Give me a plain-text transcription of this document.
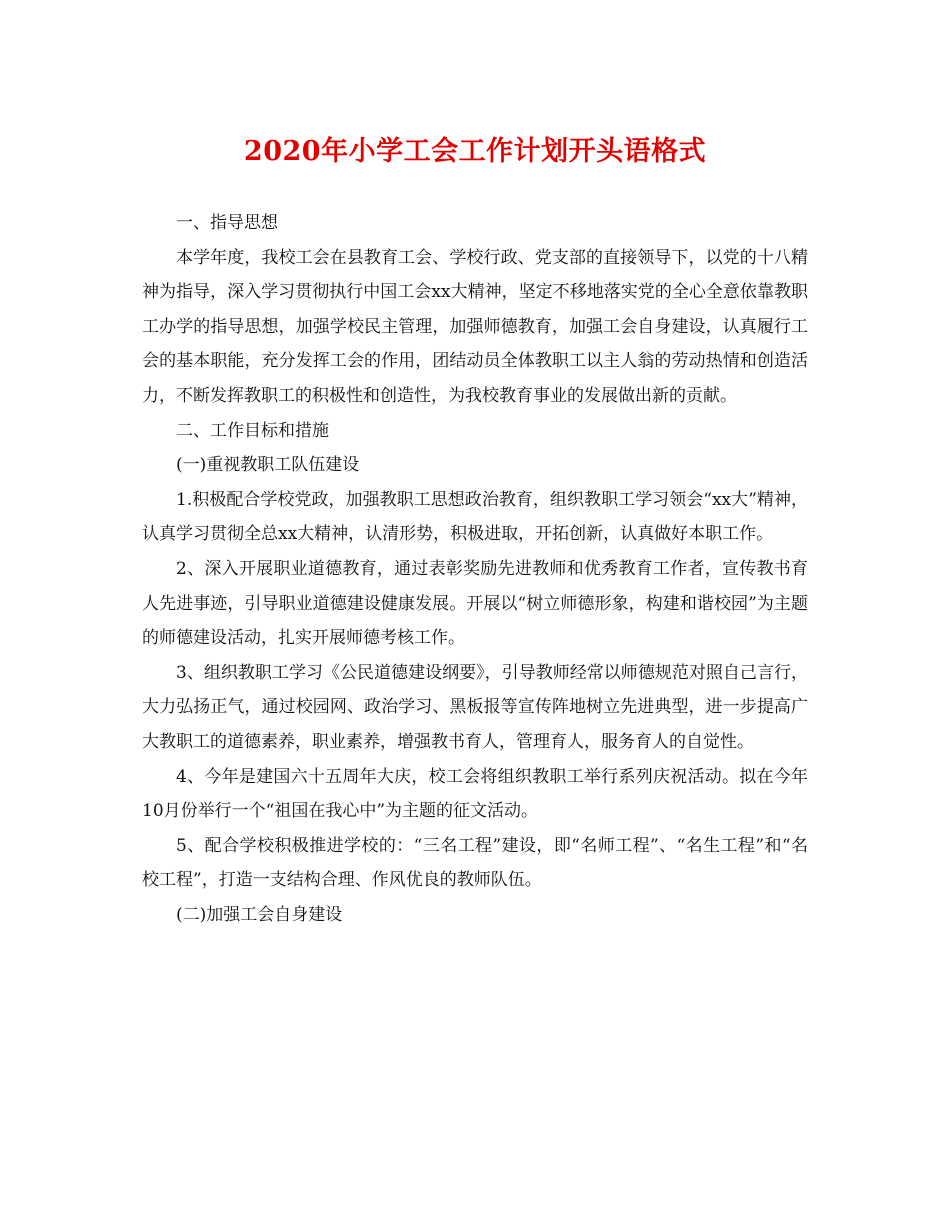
2020年小学工会工作计划开头语格式

一、指导思想

本学年度，我校工会在县教育工会、学校行政、党支部的直接领导下，以党的十八精神为指导，深入学习贯彻执行中国工会xx大精神，坚定不移地落实党的全心全意依靠教职工办学的指导思想，加强学校民主管理，加强师德教育，加强工会自身建设，认真履行工会的基本职能，充分发挥工会的作用，团结动员全体教职工以主人翁的劳动热情和创造活力，不断发挥教职工的积极性和创造性，为我校教育事业的发展做出新的贡献。

二、工作目标和措施

(一)重视教职工队伍建设

1.积极配合学校党政，加强教职工思想政治教育，组织教职工学习领会“xx大”精神，认真学习贯彻全总xx大精神，认清形势，积极进取，开拓创新，认真做好本职工作。

2、深入开展职业道德教育，通过表彰奖励先进教师和优秀教育工作者，宣传教书育人先进事迹，引导职业道德建设健康发展。开展以“树立师德形象，构建和谐校园”为主题的师德建设活动，扎实开展师德考核工作。

3、组织教职工学习《公民道德建设纲要》，引导教师经常以师德规范对照自己言行，大力弘扬正气，通过校园网、政治学习、黑板报等宣传阵地树立先进典型，进一步提高广大教职工的道德素养，职业素养，增强教书育人，管理育人，服务育人的自觉性。

4、今年是建国六十五周年大庆，校工会将组织教职工举行系列庆祝活动。拟在今年10月份举行一个“祖国在我心中”为主题的征文活动。

5、配合学校积极推进学校的：“三名工程”建设，即“名师工程”、“名生工程”和“名校工程”，打造一支结构合理、作风优良的教师队伍。

(二)加强工会自身建设
